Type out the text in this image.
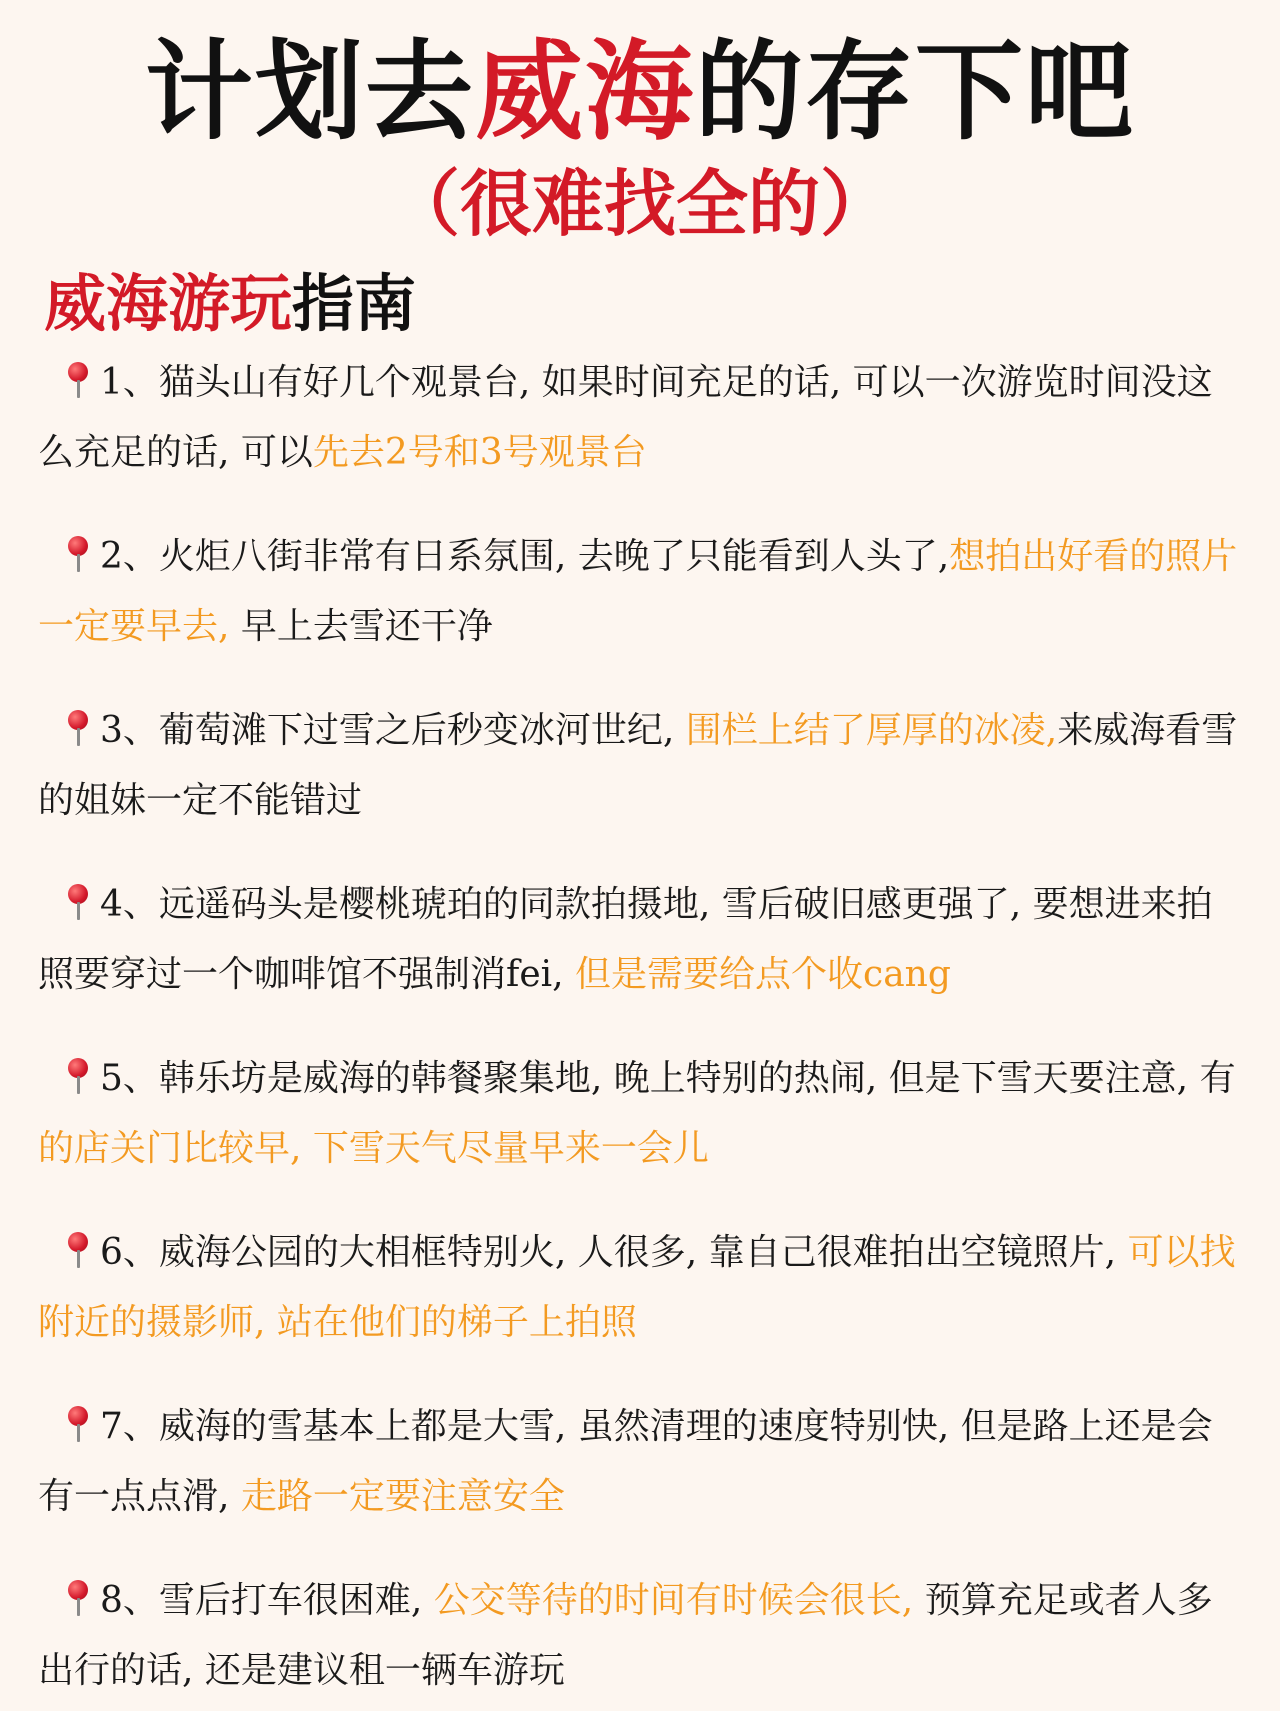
计划去威海的存下吧
（很难找全的）
威海游玩指南
1、猫头山有好几个观景台, 如果时间充足的话, 可以一次游览时间没这么充足的话, 可以先去2号和3号观景台
2、火炬八街非常有日系氛围, 去晚了只能看到人头了,想拍出好看的照片一定要早去, 早上去雪还干净
3、葡萄滩下过雪之后秒变冰河世纪, 围栏上结了厚厚的冰凌,来威海看雪的姐妹一定不能错过
4、远遥码头是樱桃琥珀的同款拍摄地, 雪后破旧感更强了, 要想进来拍照要穿过一个咖啡馆不强制消fei, 但是需要给点个收cang
5、韩乐坊是威海的韩餐聚集地, 晚上特别的热闹, 但是下雪天要注意, 有的店关门比较早, 下雪天气尽量早来一会儿
6、威海公园的大相框特别火, 人很多, 靠自己很难拍出空镜照片, 可以找附近的摄影师, 站在他们的梯子上拍照
7、威海的雪基本上都是大雪, 虽然清理的速度特别快, 但是路上还是会有一点点滑, 走路一定要注意安全
8、雪后打车很困难, 公交等待的时间有时候会很长, 预算充足或者人多出行的话, 还是建议租一辆车游玩
